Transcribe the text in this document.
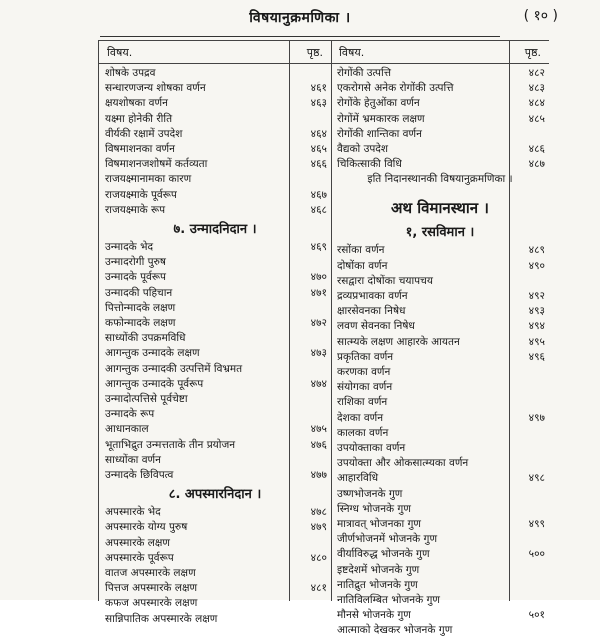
विषयानुक्रमणिका ।	( १० )
विषय.	पृष्ठ. विषय.	पृष्ठ.
शोषके उपद्रव
सन्धारणजन्य शोषका वर्णन	४६१
क्षयशोषका वर्णन	४६३
यक्ष्मा होनेकी रीति
वीर्यकी रक्षामें उपदेश	४६४
विषमाशनका वर्णन	४६५
विषमाशनजशोषमें कर्तव्यता	४६६
राजयक्ष्मानामका कारण
राजयक्ष्माके पूर्वरूप	४६७
राजयक्ष्माके रूप	४६८
७. उन्मादनिदान ।
उन्मादके भेद	४६९
उन्मादरोगी पुरुष
उन्मादके पूर्वरूप	४७०
उन्मादकी पहिचान	४७१
पित्तोन्मादके लक्षण
कफोन्मादके लक्षण	४७२
साध्योंकी उपक्रमविधि
आगन्तुक उन्मादके लक्षण	४७३
आगन्तुक उन्मादकी उत्पत्तिमें विभ्रमत
आगन्तुक उन्मादके पूर्वरूप	४७४
उन्मादोत्पत्तिसे पूर्वचेष्टा
उन्मादके रूप
आधानकाल	४७५
भूताभिद्रुत उन्मत्तताके तीन प्रयोजन	४७६
साध्योंका वर्णन
उन्मादके छिविपत्व	४७७
८. अपस्मारनिदान ।
अपस्मारके भेद	४७८
अपस्मारके योग्य पुरुष	४७९
अपस्मारके लक्षण
अपस्मारके पूर्वरूप	४८०
वातज अपस्मारके लक्षण
पित्तज अपस्मारके लक्षण	४८१
कफज अपस्मारके लक्षण
सान्निपातिक अपस्मारके लक्षण
रोगोंकी उत्पत्ति	४८२
एकरोगसे अनेक रोगोंकी उत्पत्ति	४८३
रोगोंके हेतुओंका वर्णन	४८४
रोगोंमें भ्रमकारक लक्षण	४८५
रोगोंकी शान्तिका वर्णन
वैद्यको उपदेश	४८६
चिकित्साकी विधि	४८७
इति निदानस्थानकी विषयानुक्रमणिका ।
अथ विमानस्थान ।
१, रसविमान ।
रसोंका वर्णन	४८९
दोषोंका वर्णन	४९०
रसद्वारा दोषोंका चयापचय
द्रव्यप्रभावका वर्णन	४९२
क्षारसेवनका निषेध	४९३
लवण सेवनका निषेध	४९४
सात्म्यके लक्षण आहारके आयतन	४९५
प्रकृतिका वर्णन	४९६
करणका वर्णन
संयोगका वर्णन
राशिका वर्णन
देशका वर्णन	४९७
कालका वर्णन
उपयोक्ताका वर्णन
उपयोक्ता और ओकसात्म्यका वर्णन
आहारविधि	४९८
उष्णभोजनके गुण
स्निग्ध भोजनके गुण
मात्रावत् भोजनका गुण	४९९
जीर्णभोजनमें भोजनके गुण
वीर्याविरुद्ध भोजनके गुण	५००
इष्टदेशमें भोजनके गुण
नातिद्रुत भोजनके गुण
नातिविलम्बित भोजनके गुण
मौनसे भोजनके गुण	५०१
आत्माको देखकर भोजनके गुण
